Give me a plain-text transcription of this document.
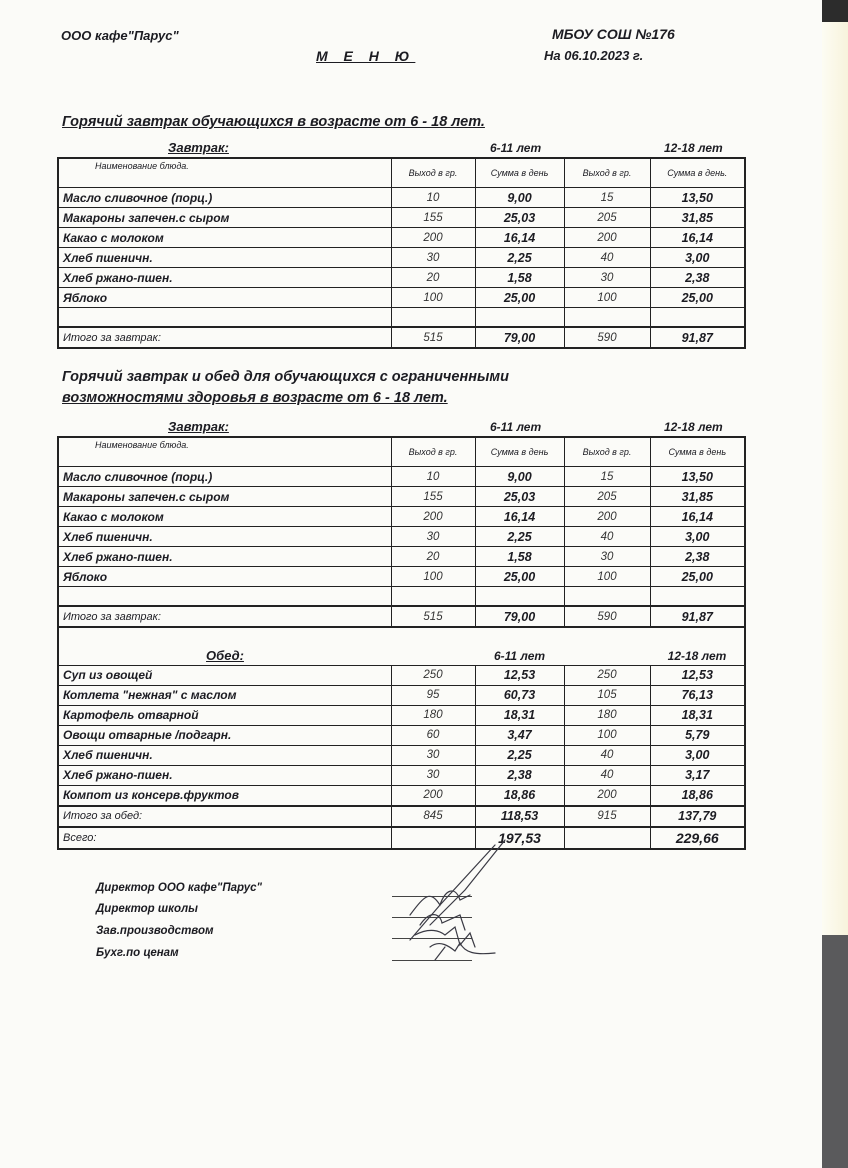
ООО кафе"Парус"	МБОУ СОШ №176
М Е Н Ю	На 06.10.2023 г.
Горячий завтрак обучающихся в возрасте от 6 - 18 лет.
Завтрак:	6-11 лет	12-18 лет
Наименование блюда.	Выход в гр.	Сумма в день	Выход в гр.	Сумма в день.
Масло сливочное (порц.)	10	9,00	15	13,50
Макароны запечен.с сыром	155	25,03	205	31,85
Какао с молоком	200	16,14	200	16,14
Хлеб пшеничн.	30	2,25	40	3,00
Хлеб ржано-пшен.	20	1,58	30	2,38
Яблоко	100	25,00	100	25,00

Итого за завтрак:	515	79,00	590	91,87
Горячий завтрак и обед для обучающихся с ограниченными
возможностями здоровья в возрасте от 6 - 18 лет.
Завтрак:	6-11 лет	12-18 лет
Наименование блюда.	Выход в гр.	Сумма в день	Выход в гр.	Сумма в день
Масло сливочное (порц.)	10	9,00	15	13,50
Макароны запечен.с сыром	155	25,03	205	31,85
Какао с молоком	200	16,14	200	16,14
Хлеб пшеничн.	30	2,25	40	3,00
Хлеб ржано-пшен.	20	1,58	30	2,38
Яблоко	100	25,00	100	25,00

Итого за завтрак:	515	79,00	590	91,87
Обед:		6-11 лет		12-18 лет
Суп из овощей	250	12,53	250	12,53
Котлета "нежная" с маслом	95	60,73	105	76,13
Картофель отварной	180	18,31	180	18,31
Овощи отварные /подгарн.	60	3,47	100	5,79
Хлеб пшеничн.	30	2,25	40	3,00
Хлеб ржано-пшен.	30	2,38	40	3,17
Компот из консерв.фруктов	200	18,86	200	18,86
Итого за обед:	845	118,53	915	137,79
Всего:		197,53		229,66
Директор ООО кафе"Парус"
Директор школы
Зав.производством
Бухг.по ценам
